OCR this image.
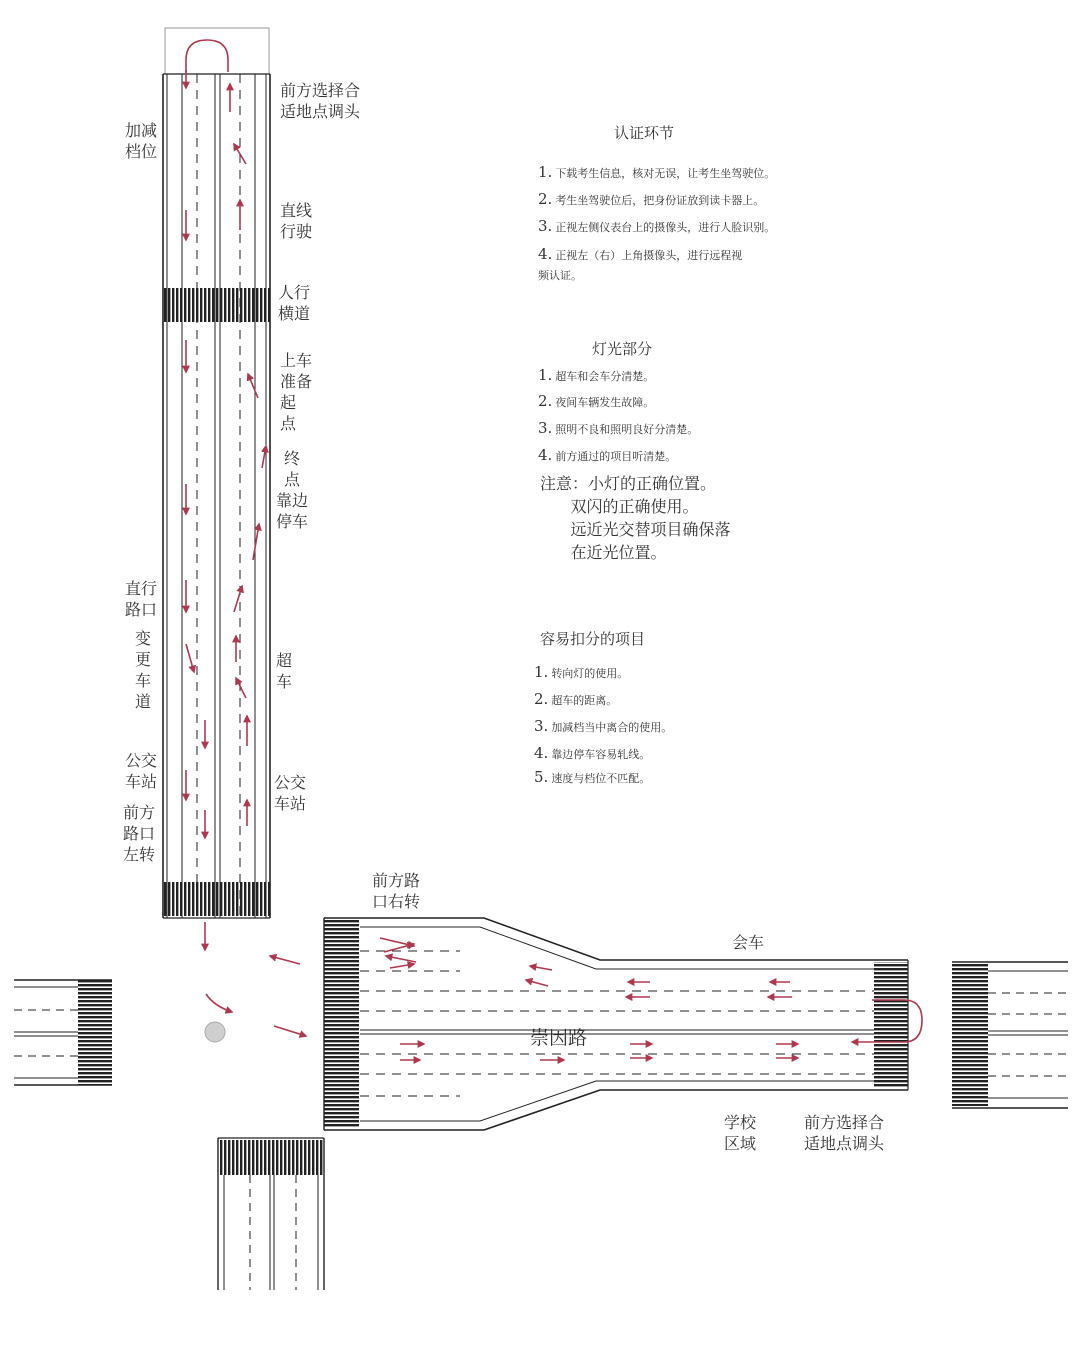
前方选择合
适地点调头
加减
档位
直线
行驶
人行
横道
上车
准备
起
点
终
点
靠边
停车
直行
路口
变
更
车
道
超
车
公交
车站	公交
车站
前方
路口
左转
前方路
口右转
会车
崇因路
学校
区域
前方选择合
适地点调头
认证环节
1. 下载考生信息，核对无误，让考生坐驾驶位。
2. 考生坐驾驶位后，把身份证放到读卡器上。
3. 正视左侧仪表台上的摄像头，进行人脸识别。
4. 正视左（右）上角摄像头，进行远程视
频认证。
灯光部分
1. 超车和会车分清楚。
2. 夜间车辆发生故障。
3. 照明不良和照明良好分清楚。
4. 前方通过的项目听清楚。
注意：小灯的正确位置。
双闪的正确使用。
远近光交替项目确保落
在近光位置。
容易扣分的项目
1. 转向灯的使用。
2. 超车的距离。
3. 加减档当中离合的使用。
4. 靠边停车容易轧线。
5. 速度与档位不匹配。
